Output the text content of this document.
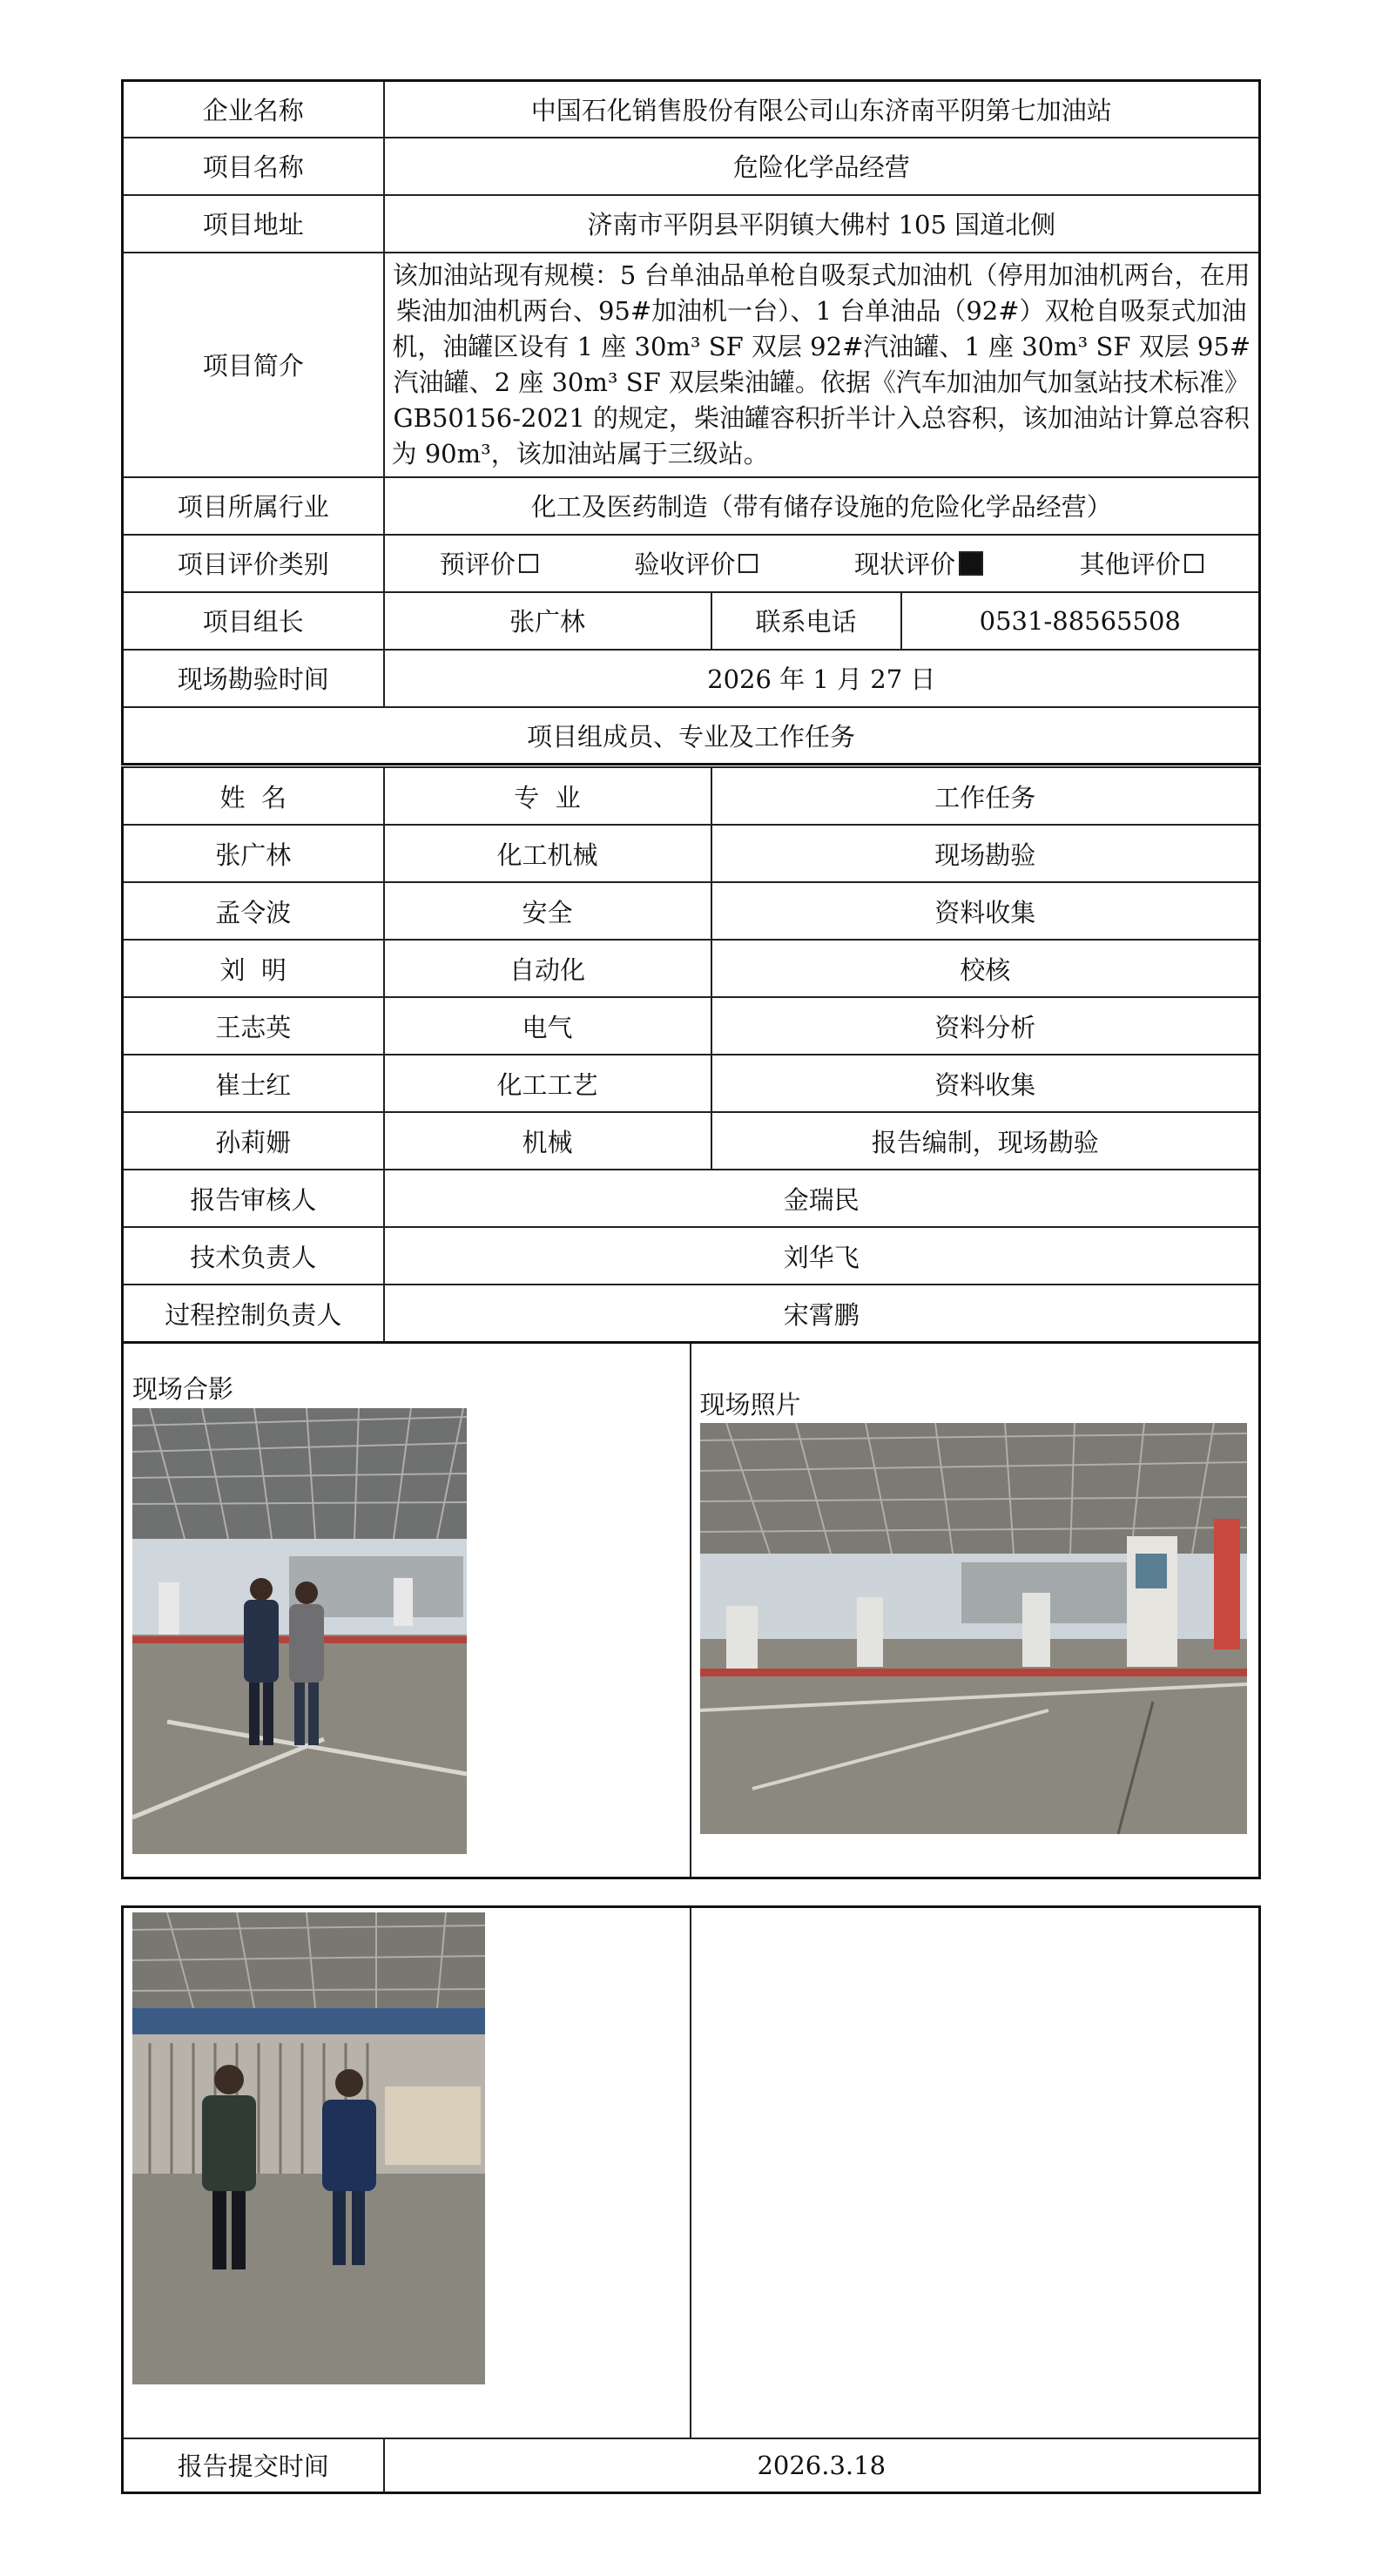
企业名称	中国石化销售股份有限公司山东济南平阴第七加油站		
项目名称	危险化学品经营		
项目地址	济南市平阴县平阴镇大佛村 105 国道北侧		
项目简介	该加油站现有规模：5 台单油品单枪自吸泵式加油机（停用加油机两台，在用柴油加油机两台、95#加油机一台）、1 台单油品（92#）双枪自吸泵式加油机，油罐区设有 1 座 30m³ SF 双层 92#汽油罐、1 座 30m³ SF 双层 95#汽油罐、2 座 30m³ SF 双层柴油罐。依据《汽车加油加气加氢站技术标准》GB50156-2021 的规定，柴油罐容积折半计入总容积，该加油站计算总容积为 90m³，该加油站属于三级站。		
项目所属行业	化工及医药制造（带有储存设施的危险化学品经营）		
项目评价类别	预评价 验收评价 现状评价 其他评价		

项目组长	张广林	联系电话	0531-88565508
现场勘验时间	2026 年 1 月 27 日		
项目组成员、专业及工作任务			
姓  名	专  业	工作任务
张广林	化工机械	现场勘验
孟令波	安全	资料收集
刘  明	自动化	校核
王志英	电气	资料分析
崔士红	化工工艺	资料收集
孙莉姗	机械	报告编制，现场勘验
报告审核人	金瑞民
技术负责人	刘华飞
过程控制负责人	宋霄鹏
现场合影

现场照片

报告提交时间	2026.3.18	
